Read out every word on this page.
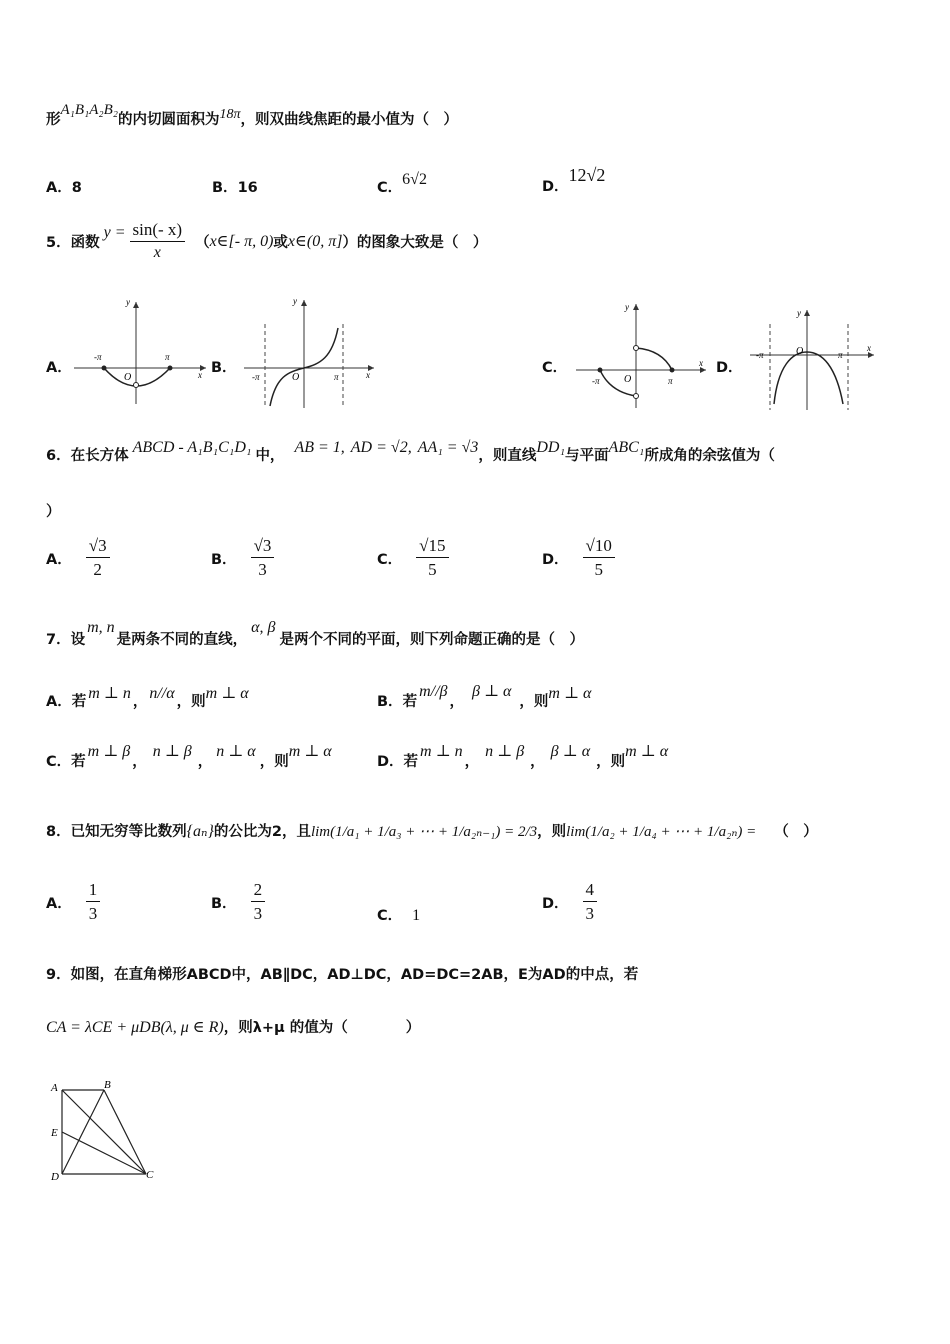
形A₁B₁A₂B₂的内切圆面积为18π，则双曲线焦距的最小值为（　）
A．8	B．16	C．6√2	D．12√2
5． 函数
$y = \frac{\sin(- x)}{x}$ （ x∈[- π, 0) 或 x∈(0, π] ）的图象大致是（　）
A．	B．	C．	D．
y
x
O
-π	π
y
x
O
-π	π
y
x
O
-π	π
y
x
O
-π	π
6．在长方体 ABCD - A₁B₁C₁D₁ 中， AB = 1, AD = √2, AA₁ = √3，则直线DD₁与平面ABC₁所成角的余弦值为（
）
A． $\frac{√3}{2}$	B． $\frac{√3}{3}$	C． $\frac{√15}{5}$	D． $\frac{√10}{5}$
7．设m, n是两条不同的直线，α, β是两个不同的平面，则下列命题正确的是（　）
A．若 m ⊥ n ， n//α ，则m ⊥ α	B．若m//β，β ⊥ α，则m ⊥ α
C．若m ⊥ β，n ⊥ β，n ⊥ α，则m ⊥ α
D．若m ⊥ n，n ⊥ β，β ⊥ α，则m ⊥ α
8．已知无穷等比数列{aₙ}的公比为2，且lim(1/a₁ + 1/a₃ + ⋯ + 1/a₂ₙ₋₁) = 2/3，则lim(1/a₂ + 1/a₄ + ⋯ + 1/a₂ₙ) = （　）
A． $\frac{1}{3}$	B． $\frac{2}{3}$	C． 1
D． $\frac{4}{3}$
9．如图，在直角梯形ABCD中，AB∥DC，AD⊥DC，AD=DC=2AB，E为AD的中点，若
CA = λCE + μDB(λ, μ ∈ R)，则λ+μ 的值为（　　　　）
A	B
C
D
E
